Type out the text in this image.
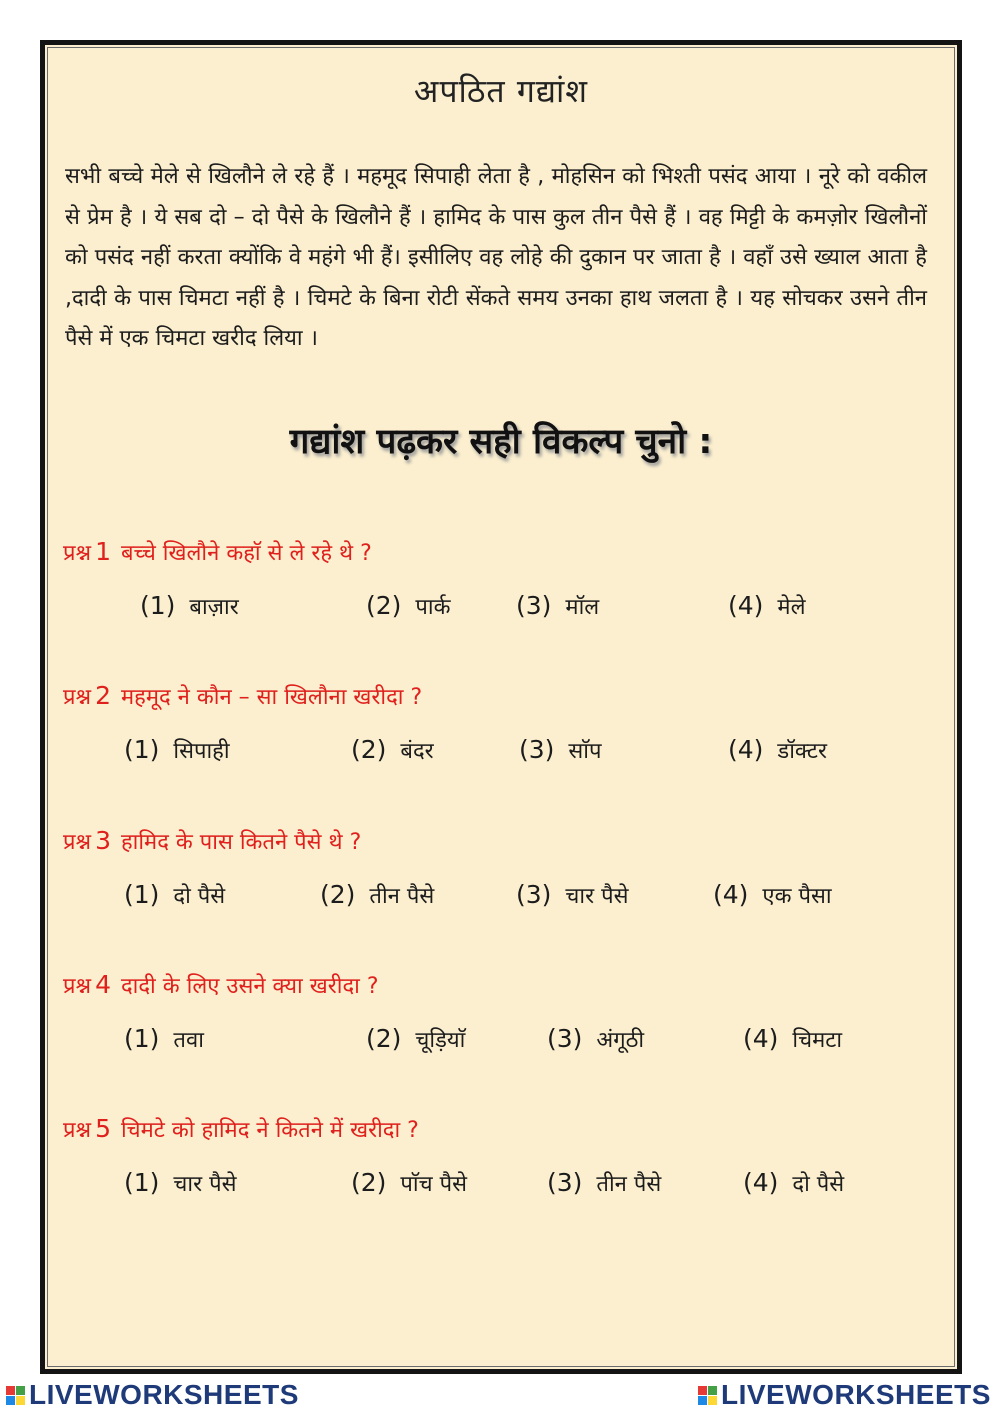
अपठित गद्यांश
सभी बच्चे मेले से खिलौने ले रहे हैं । महमूद सिपाही लेता है , मोहसिन को भिश्ती पसंद आया । नूरे को वकील से प्रेम है । ये सब दो – दो पैसे के खिलौने हैं । हामिद के पास कुल तीन पैसे हैं । वह मिट्टी के कमज़ोर खिलौनों को पसंद नहीं करता क्योंकि वे महंगे भी हैं। इसीलिए वह लोहे की दुकान पर जाता है । वहाँ उसे ख्याल आता है ,दादी के पास चिमटा नहीं है । चिमटे के बिना रोटी सेंकते समय उनका हाथ जलता है । यह सोचकर उसने तीन पैसे में एक चिमटा खरीद लिया ।
गद्यांश पढ़कर सही विकल्प चुनो :
प्रश्न 1 बच्चे खिलौने कहाॅ से ले रहे थे ?
(1) बाज़ार	(2) पार्क	(3) मॉल	(4) मेले
प्रश्न 2 महमूद ने कौन – सा खिलौना खरीदा ?
(1) सिपाही	(2) बंदर	(3) साॅप	(4) डॉक्टर
प्रश्न 3 हामिद के पास कितने पैसे थे ?
(1) दो पैसे	(2) तीन पैसे	(3) चार पैसे	(4) एक पैसा
प्रश्न 4 दादी के लिए उसने क्या खरीदा ?
(1) तवा	(2) चूड़ियाॅ	(3) अंगूठी	(4) चिमटा
प्रश्न 5 चिमटे को हामिद ने कितने में खरीदा ?
(1) चार पैसे	(2) पाॅच पैसे	(3) तीन पैसे	(4) दो पैसे
LIVEWORKSHEETS	LIVEWORKSHEETS
